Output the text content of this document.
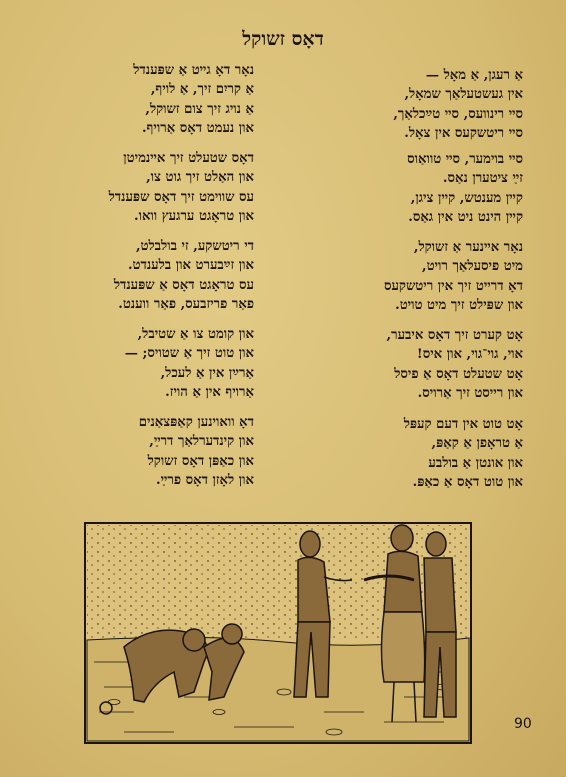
דאָס זשוקל
אַ רעגן, אַ מאָל —
אין געשטעלאַך שמאָל,
סײ רינוועס, סײ טײַכלאַך,
סײ ריטשקעס אין צאָל.
סײ בוימער, סײ טוואַוס
זײַ ציטערן נאַס.
קײן מענטש, קײן ציגן,
קײן הינט ניט אין גאַס.
נאָר אײנער אַ זשוקל,
מיט פיסעלאַך רויט,
דאָ דרייט זיך אין ריטשקעס
און שפּילט זיך מיט טויט.
אָט קערט זיך דאָס איבער,
אוי, גוי־גוי, און איס!
אָט שטעלט דאָס אַ פיסל
און רייסט זיך אַרויס.
אָט טוט אין דעם קעפּל
אַ טראָפן אַ קאַפּ,
און אונטן אַ בולבע
און טוט דאָס אַ כאַפּ.
נאָר דאָ גײט אַ שפּענדל
אַ קריִם זיך, אַ לויף,
אַ נויג זיך צום זשוקל,
און נעמט דאָס אַרויף.
דאָס שטעלט זיך אײנמיטן
און האַלט זיך גוט צו,
עס שווימט זיך דאָס שפּענדל
און טראָגט ערגעץ וואו.
די ריטשקע, זי בולבלט,
און זײַבערט און בלענדט.
עס טראָגט דאָס אַ שפּענדל
פאַר פריזבעס, פאַר ווענט.
און קומט צו אַ שטיבל,
און טוט זיך אַ שטויס; —
אַרײַן אין אַ לעכל,
אַרויף אין אַ הויז.
דאָ וואוינען קאַפּצאַנים
און קינדערלאַך דרײַ,
און כאַפּן דאָס זשוקל
און לאָזן דאָס פרײַ.
90
